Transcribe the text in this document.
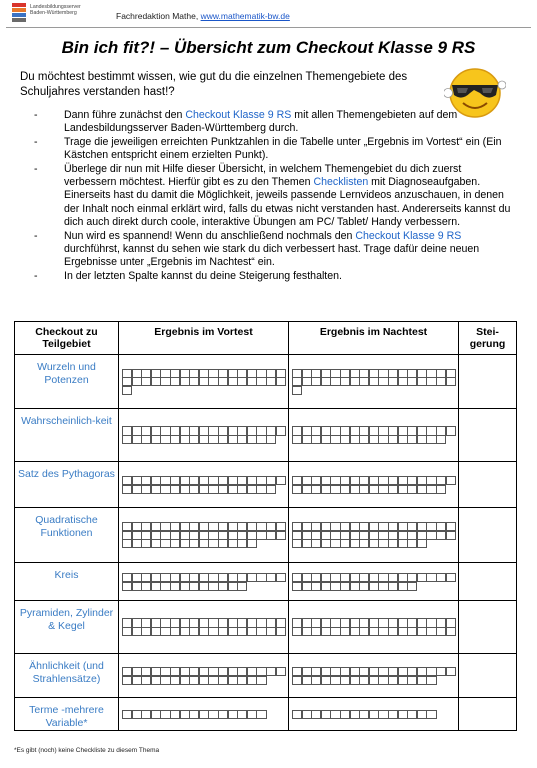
Landesbildungsserver
Baden-Württemberg	Fachredaktion Mathe, www.mathematik-bw.de
Bin ich fit?! – Übersicht zum Checkout Klasse 9 RS
Du möchtest bestimmt wissen, wie gut du die einzelnen Themengebiete des Schuljahres verstanden hast!?
- Dann führe zunächst den Checkout Klasse 9 RS mit allen Themengebieten auf dem Landesbildungsserver Baden-Württemberg durch.
- Trage die jeweiligen erreichten Punktzahlen in die Tabelle unter „Ergebnis im Vortest“ ein (Ein Kästchen entspricht einem erzielten Punkt).
- Überlege dir nun mit Hilfe dieser Übersicht, in welchem Themengebiet du dich zuerst verbessern möchtest. Hierfür gibt es zu den Themen Checklisten mit Diagnoseaufgaben. Einerseits hast du damit die Möglichkeit, jeweils passende Lernvideos anzuschauen, in denen der Inhalt noch einmal erklärt wird, falls du etwas nicht verstanden hast. Andererseits kannst du dich auch direkt durch coole, interaktive Übungen am PC/ Tablet/ Handy verbessern.
- Nun wird es spannend! Wenn du anschließend nochmals den Checkout Klasse 9 RS durchführst, kannst du sehen wie stark du dich verbessert hast. Trage dafür deine neuen Ergebnisse unter „Ergebnis im Nachtest“ ein.
- In der letzten Spalte kannst du deine Steigerung festhalten.
Checkout zu Teilgebiet	Ergebnis im Vortest	Ergebnis im Nachtest	Stei-gerung
Wurzeln und Potenzen	

Wahrscheinlich-keit	

Satz des Pythagoras	

Quadratische Funktionen	

Kreis	

Pyramiden, Zylinder & Kegel	

Ähnlichkeit (und Strahlensätze)	

Terme -mehrere Variable*	

*Es gibt (noch) keine Checkliste zu diesem Thema
